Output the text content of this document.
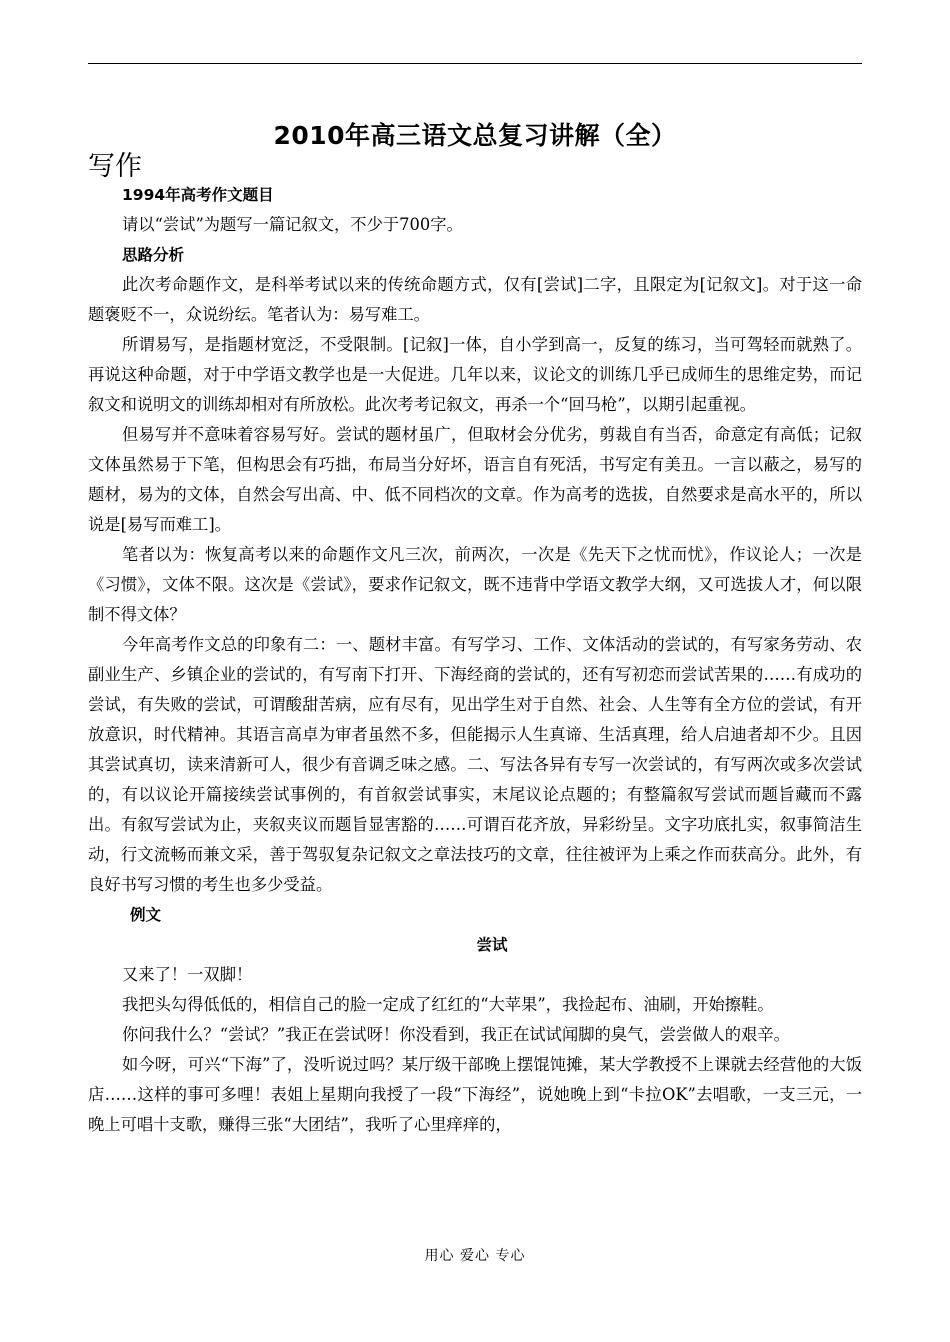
2010年高三语文总复习讲解（全）
写作

1994年高考作文题目

请以“尝试”为题写一篇记叙文，不少于700字。

思路分析

此次考命题作文，是科举考试以来的传统命题方式，仅有[尝试]二字，且限定为[记叙文]。对于这一命题褒贬不一，众说纷纭。笔者认为：易写难工。

所谓易写，是指题材宽泛，不受限制。[记叙]一体，自小学到高一，反复的练习，当可驾轻而就熟了。再说这种命题，对于中学语文教学也是一大促进。几年以来，议论文的训练几乎已成师生的思维定势，而记叙文和说明文的训练却相对有所放松。此次考考记叙文，再杀一个“回马枪”，以期引起重视。

但易写并不意味着容易写好。尝试的题材虽广，但取材会分优劣，剪裁自有当否，命意定有高低；记叙文体虽然易于下笔，但构思会有巧拙，布局当分好坏，语言自有死活，书写定有美丑。一言以蔽之，易写的题材，易为的文体，自然会写出高、中、低不同档次的文章。作为高考的选拔，自然要求是高水平的，所以说是[易写而难工]。

笔者以为：恢复高考以来的命题作文凡三次，前两次，一次是《先天下之忧而忧》，作议论人；一次是《习惯》，文体不限。这次是《尝试》，要求作记叙文，既不违背中学语文教学大纲，又可选拔人才，何以限制不得文体？

今年高考作文总的印象有二：一、题材丰富。有写学习、工作、文体活动的尝试的，有写家务劳动、农副业生产、乡镇企业的尝试的，有写南下打开、下海经商的尝试的，还有写初恋而尝试苦果的……有成功的尝试，有失败的尝试，可谓酸甜苦病，应有尽有，见出学生对于自然、社会、人生等有全方位的尝试，有开放意识，时代精神。其语言高卓为审者虽然不多，但能揭示人生真谛、生活真理，给人启迪者却不少。且因其尝试真切，读来清新可人，很少有音调乏味之感。二、写法各异有专写一次尝试的，有写两次或多次尝试的，有以议论开篇接续尝试事例的，有首叙尝试事实，末尾议论点题的；有整篇叙写尝试而题旨藏而不露出。有叙写尝试为止，夹叙夹议而题旨显害豁的……可谓百花齐放，异彩纷呈。文字功底扎实，叙事简洁生动，行文流畅而兼文采，善于驾驭复杂记叙文之章法技巧的文章，往往被评为上乘之作而获高分。此外，有良好书写习惯的考生也多少受益。

例文

尝试

又来了！一双脚！

我把头勾得低低的，相信自己的脸一定成了红红的“大苹果”，我捡起布、油刷，开始擦鞋。

你问我什么？“尝试？”我正在尝试呀！你没看到，我正在试试闻脚的臭气，尝尝做人的艰辛。

如今呀，可兴“下海”了，没听说过吗？某厅级干部晚上摆馄饨摊，某大学教授不上课就去经营他的大饭店……这样的事可多哩！表姐上星期向我授了一段“下海经”，说她晚上到“卡拉OK”去唱歌，一支三元，一晚上可唱十支歌，赚得三张“大团结”，我听了心里痒痒的，

用心 爱心 专心
